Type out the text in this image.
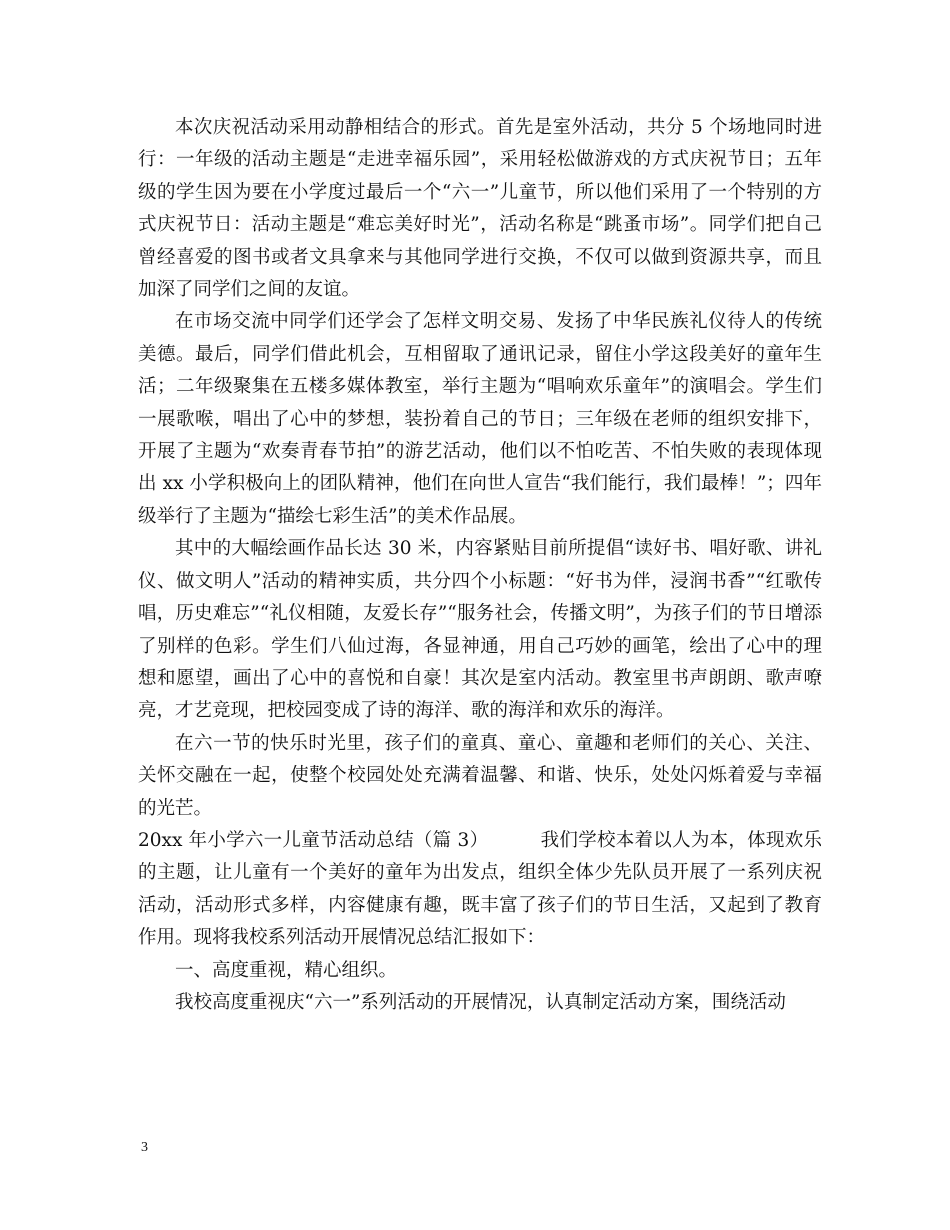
本次庆祝活动采用动静相结合的形式。首先是室外活动，共分 5 个场地同时进行：一年级的活动主题是“走进幸福乐园”，采用轻松做游戏的方式庆祝节日；五年级的学生因为要在小学度过最后一个“六一”儿童节，所以他们采用了一个特别的方式庆祝节日：活动主题是“难忘美好时光”，活动名称是“跳蚤市场”。同学们把自己曾经喜爱的图书或者文具拿来与其他同学进行交换，不仅可以做到资源共享，而且加深了同学们之间的友谊。

在市场交流中同学们还学会了怎样文明交易、发扬了中华民族礼仪待人的传统美德。最后，同学们借此机会，互相留取了通讯记录，留住小学这段美好的童年生活；二年级聚集在五楼多媒体教室，举行主题为“唱响欢乐童年”的演唱会。学生们一展歌喉，唱出了心中的梦想，装扮着自己的节日；三年级在老师的组织安排下，开展了主题为“欢奏青春节拍”的游艺活动，他们以不怕吃苦、不怕失败的表现体现出 xx 小学积极向上的团队精神，他们在向世人宣告“我们能行，我们最棒！”；四年级举行了主题为“描绘七彩生活”的美术作品展。

其中的大幅绘画作品长达 30 米，内容紧贴目前所提倡“读好书、唱好歌、讲礼仪、做文明人”活动的精神实质，共分四个小标题：“好书为伴，浸润书香”“红歌传唱，历史难忘”“礼仪相随，友爱长存”“服务社会，传播文明”，为孩子们的节日增添了别样的色彩。学生们八仙过海，各显神通，用自己巧妙的画笔，绘出了心中的理想和愿望，画出了心中的喜悦和自豪！其次是室内活动。教室里书声朗朗、歌声嘹亮，才艺竞现，把校园变成了诗的海洋、歌的海洋和欢乐的海洋。

在六一节的快乐时光里，孩子们的童真、童心、童趣和老师们的关心、关注、关怀交融在一起，使整个校园处处充满着温馨、和谐、快乐，处处闪烁着爱与幸福的光芒。

20xx 年小学六一儿童节活动总结（篇 3）	我们学校本着以人为本，体现欢乐的主题，让儿童有一个美好的童年为出发点，组织全体少先队员开展了一系列庆祝活动，活动形式多样，内容健康有趣，既丰富了孩子们的节日生活，又起到了教育作用。现将我校系列活动开展情况总结汇报如下：

一、高度重视，精心组织。

我校高度重视庆“六一”系列活动的开展情况，认真制定活动方案，围绕活动

3
